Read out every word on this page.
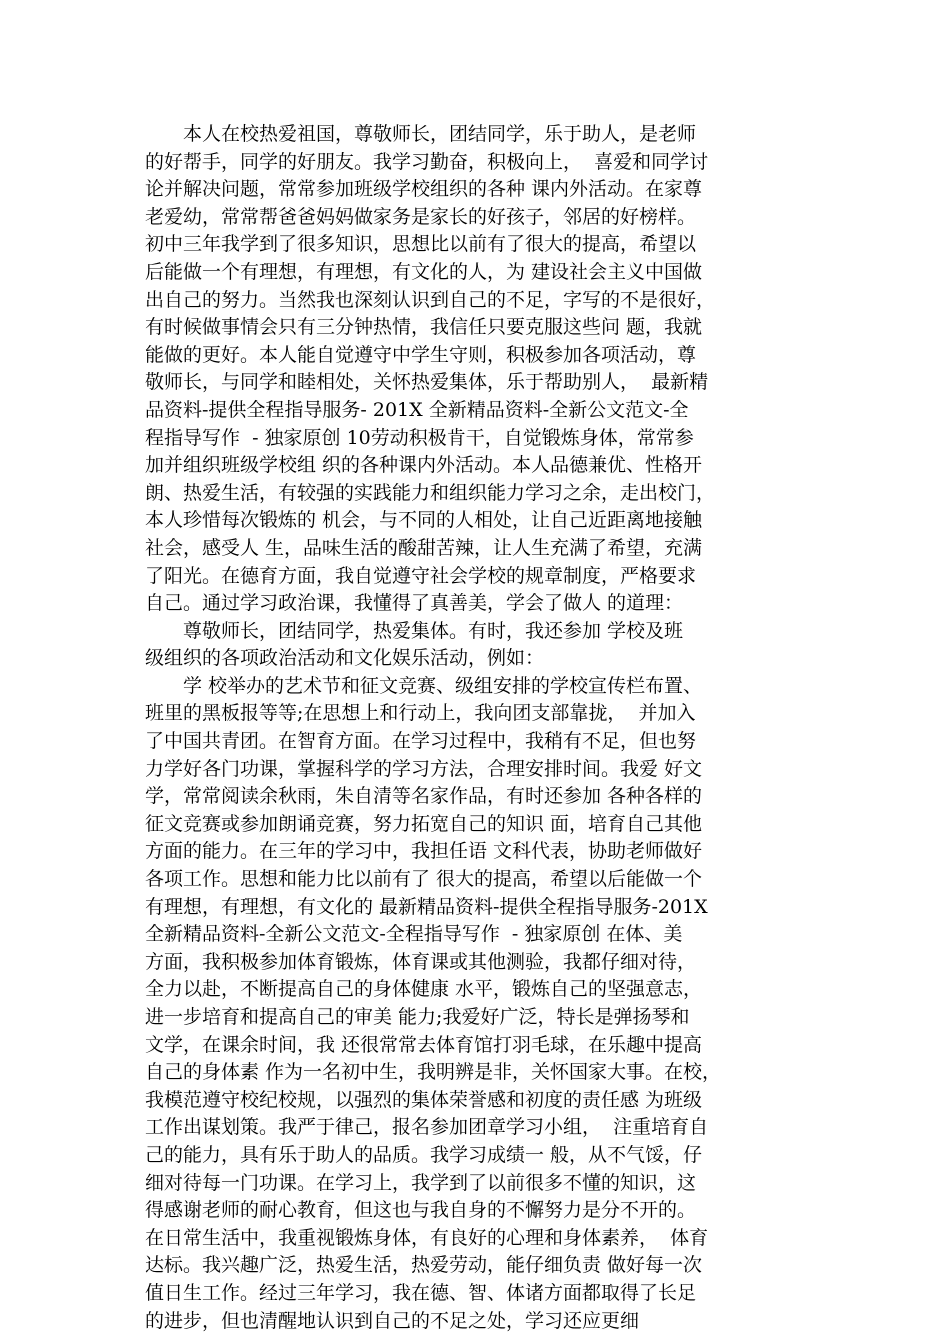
　　本人在校热爱祖国，尊敬师长，团结同学，乐于助人，是老师
的好帮手，同学的好朋友。我学习勤奋，积极向上，  喜爱和同学讨
论并解决问题，常常参加班级学校组织的各种 课内外活动。在家尊
老爱幼，常常帮爸爸妈妈做家务是家长的好孩子，邻居的好榜样。
初中三年我学到了很多知识，思想比以前有了很大的提高，希望以
后能做一个有理想，有理想，有文化的人，为 建设社会主义中国做
出自己的努力。当然我也深刻认识到自己的不足，字写的不是很好，
有时候做事情会只有三分钟热情，我信任只要克服这些问 题，我就
能做的更好。本人能自觉遵守中学生守则，积极参加各项活动，尊
敬师长，与同学和睦相处，关怀热爱集体，乐于帮助别人，  最新精
品资料-提供全程指导服务- 201X 全新精品资料-全新公文范文-全
程指导写作  - 独家原创 10劳动积极肯干，自觉锻炼身体，常常参
加并组织班级学校组 织的各种课内外活动。本人品德兼优、性格开
朗、热爱生活，有较强的实践能力和组织能力学习之余，走出校门，
本人珍惜每次锻炼的 机会，与不同的人相处，让自己近距离地接触
社会，感受人 生，品味生活的酸甜苦辣，让人生充满了希望，充满
了阳光。在德育方面，我自觉遵守社会学校的规章制度，严格要求
自己。通过学习政治课，我懂得了真善美，学会了做人 的道理：
　　尊敬师长，团结同学，热爱集体。有时，我还参加 学校及班
级组织的各项政治活动和文化娱乐活动，例如：
　　学 校举办的艺术节和征文竞赛、级组安排的学校宣传栏布置、
班里的黑板报等等;在思想上和行动上，我向团支部靠拢，  并加入
了中国共青团。在智育方面。在学习过程中，我稍有不足，但也努
力学好各门功课，掌握科学的学习方法，合理安排时间。我爱 好文
学，常常阅读余秋雨，朱自清等名家作品，有时还参加 各种各样的
征文竞赛或参加朗诵竞赛，努力拓宽自己的知识 面，培育自己其他
方面的能力。在三年的学习中，我担任语 文科代表，协助老师做好
各项工作。思想和能力比以前有了 很大的提高，希望以后能做一个
有理想，有理想，有文化的 最新精品资料-提供全程指导服务-201X
全新精品资料-全新公文范文-全程指导写作  - 独家原创 在体、美
方面，我积极参加体育锻炼，体育课或其他测验，我都仔细对待，
全力以赴，不断提高自己的身体健康 水平，锻炼自己的坚强意志，
进一步培育和提高自己的审美 能力;我爱好广泛，特长是弹扬琴和
文学，在课余时间，我 还很常常去体育馆打羽毛球，在乐趣中提高
自己的身体素 作为一名初中生，我明辨是非，关怀国家大事。在校，
我模范遵守校纪校规，以强烈的集体荣誉感和初度的责任感 为班级
工作出谋划策。我严于律己，报名参加团章学习小组，  注重培育自
己的能力，具有乐于助人的品质。我学习成绩一 般，从不气馁，仔
细对待每一门功课。在学习上，我学到了以前很多不懂的知识，这
得感谢老师的耐心教育，但这也与我自身的不懈努力是分不开的。
在日常生活中，我重视锻炼身体，有良好的心理和身体素养，  体育
达标。我兴趣广泛，热爱生活，热爱劳动，能仔细负责 做好每一次
值日生工作。经过三年学习，我在德、智、体诸方面都取得了长足
的进步，但也清醒地认识到自己的不足之处，学习还应更细
